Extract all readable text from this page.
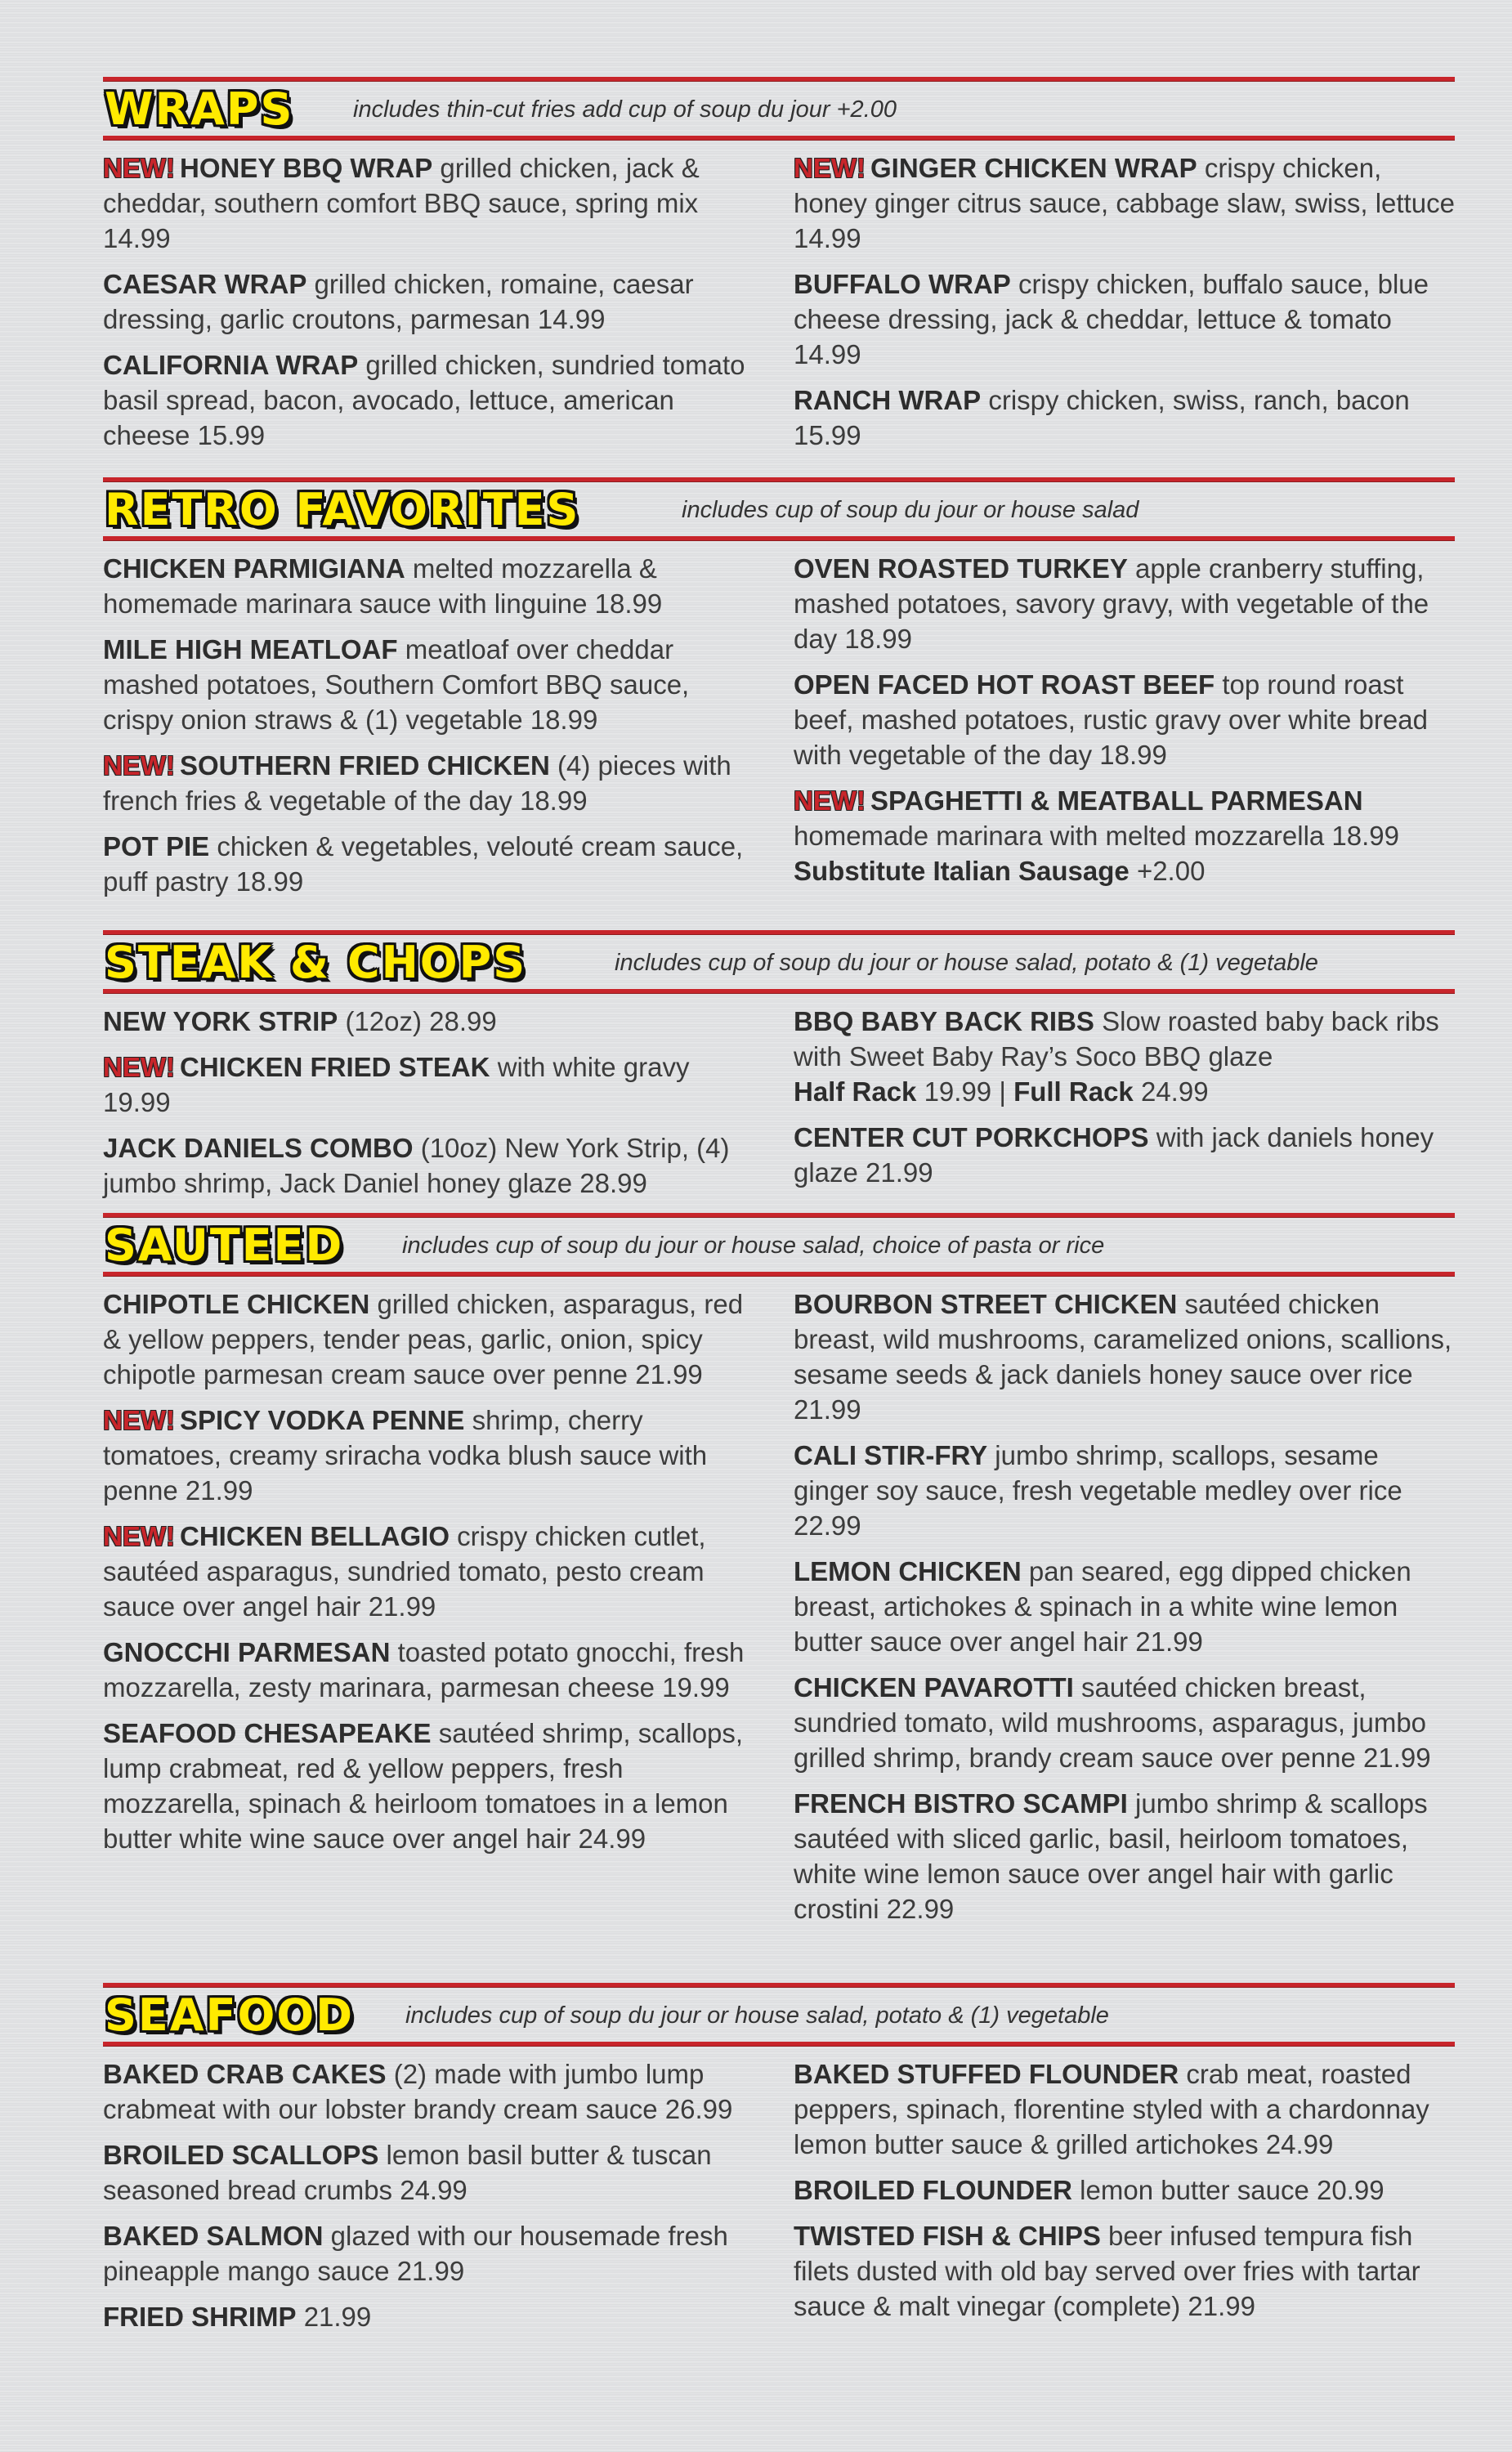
WRAPS	includes thin-cut fries add cup of soup du jour +2.00
NEW! HONEY BBQ WRAP grilled chicken, jack & cheddar, southern comfort BBQ sauce, spring mix 14.99
CAESAR WRAP grilled chicken, romaine, caesar dressing, garlic croutons, parmesan 14.99
CALIFORNIA WRAP grilled chicken, sundried tomato basil spread, bacon, avocado, lettuce, american cheese 15.99
NEW! GINGER CHICKEN WRAP crispy chicken, honey ginger citrus sauce, cabbage slaw, swiss, lettuce 14.99
BUFFALO WRAP crispy chicken, buffalo sauce, blue cheese dressing, jack & cheddar, lettuce & tomato 14.99
RANCH WRAP crispy chicken, swiss, ranch, bacon 15.99
RETRO FAVORITES	includes cup of soup du jour or house salad
CHICKEN PARMIGIANA melted mozzarella & homemade marinara sauce with linguine 18.99
MILE HIGH MEATLOAF meatloaf over cheddar mashed potatoes, Southern Comfort BBQ sauce, crispy onion straws & (1) vegetable 18.99
NEW! SOUTHERN FRIED CHICKEN (4) pieces with french fries & vegetable of the day 18.99
POT PIE chicken & vegetables, velouté cream sauce, puff pastry 18.99
OVEN ROASTED TURKEY apple cranberry stuffing, mashed potatoes, savory gravy, with vegetable of the day 18.99
OPEN FACED HOT ROAST BEEF top round roast beef, mashed potatoes, rustic gravy over white bread with vegetable of the day 18.99
NEW! SPAGHETTI & MEATBALL PARMESAN homemade marinara with melted mozzarella 18.99
Substitute Italian Sausage +2.00
STEAK & CHOPS	includes cup of soup du jour or house salad, potato & (1) vegetable
NEW YORK STRIP (12oz) 28.99
NEW! CHICKEN FRIED STEAK with white gravy 19.99
JACK DANIELS COMBO (10oz) New York Strip, (4) jumbo shrimp, Jack Daniel honey glaze 28.99
BBQ BABY BACK RIBS Slow roasted baby back ribs with Sweet Baby Ray’s Soco BBQ glaze
Half Rack 19.99 | Full Rack 24.99
CENTER CUT PORKCHOPS with jack daniels honey glaze 21.99
SAUTEED includes cup of soup du jour or house salad, choice of pasta or rice
CHIPOTLE CHICKEN grilled chicken, asparagus, red & yellow peppers, tender peas, garlic, onion, spicy chipotle parmesan cream sauce over penne 21.99
NEW! SPICY VODKA PENNE shrimp, cherry tomatoes, creamy sriracha vodka blush sauce with penne 21.99
NEW! CHICKEN BELLAGIO crispy chicken cutlet, sautéed asparagus, sundried tomato, pesto cream sauce over angel hair 21.99
GNOCCHI PARMESAN toasted potato gnocchi, fresh mozzarella, zesty marinara, parmesan cheese 19.99
SEAFOOD CHESAPEAKE sautéed shrimp, scallops, lump crabmeat, red & yellow peppers, fresh mozzarella, spinach & heirloom tomatoes in a lemon butter white wine sauce over angel hair 24.99
BOURBON STREET CHICKEN sautéed chicken breast, wild mushrooms, caramelized onions, scallions, sesame seeds & jack daniels honey sauce over rice 21.99
CALI STIR-FRY jumbo shrimp, scallops, sesame ginger soy sauce, fresh vegetable medley over rice 22.99
LEMON CHICKEN pan seared, egg dipped chicken breast, artichokes & spinach in a white wine lemon butter sauce over angel hair 21.99
CHICKEN PAVAROTTI sautéed chicken breast, sundried tomato, wild mushrooms, asparagus, jumbo grilled shrimp, brandy cream sauce over penne 21.99
FRENCH BISTRO SCAMPI jumbo shrimp & scallops sautéed with sliced garlic, basil, heirloom tomatoes, white wine lemon sauce over angel hair with garlic crostini 22.99
SEAFOOD includes cup of soup du jour or house salad, potato & (1) vegetable
BAKED CRAB CAKES (2) made with jumbo lump crabmeat with our lobster brandy cream sauce 26.99
BROILED SCALLOPS lemon basil butter & tuscan seasoned bread crumbs 24.99
BAKED SALMON glazed with our housemade fresh pineapple mango sauce 21.99
FRIED SHRIMP 21.99
BAKED STUFFED FLOUNDER crab meat, roasted peppers, spinach, florentine styled with a chardonnay lemon butter sauce & grilled artichokes 24.99
BROILED FLOUNDER lemon butter sauce 20.99
TWISTED FISH & CHIPS beer infused tempura fish filets dusted with old bay served over fries with tartar sauce & malt vinegar (complete) 21.99
